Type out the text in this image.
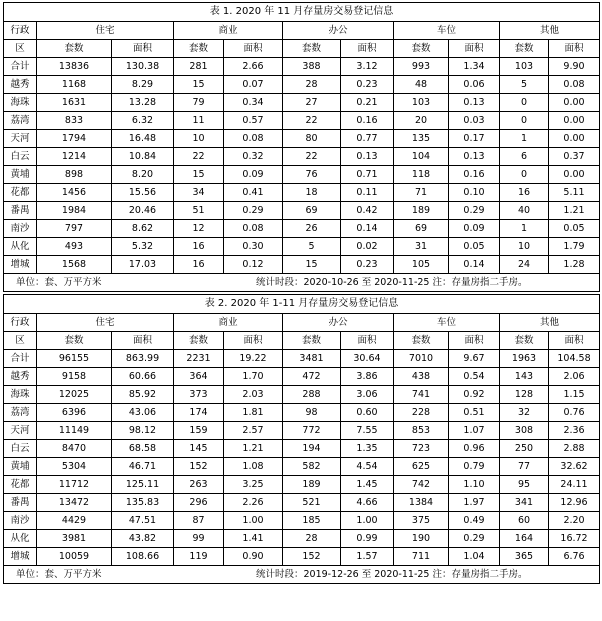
表 1. 2020 年 11 月存量房交易登记信息										
行政	住宅		商业		办公		车位		其他	
区	套数	面积	套数	面积	套数	面积	套数	面积	套数	面积
合计	13836	130.38	281	2.66	388	3.12	993	1.34	103	9.90
越秀	1168	8.29	15	0.07	28	0.23	48	0.06	5	0.08
海珠	1631	13.28	79	0.34	27	0.21	103	0.13	0	0.00
荔湾	833	6.32	11	0.57	22	0.16	20	0.03	0	0.00
天河	1794	16.48	10	0.08	80	0.77	135	0.17	1	0.00
白云	1214	10.84	22	0.32	22	0.13	104	0.13	6	0.37
黄埔	898	8.20	15	0.09	76	0.71	118	0.16	0	0.00
花都	1456	15.56	34	0.41	18	0.11	71	0.10	16	5.11
番禺	1984	20.46	51	0.29	69	0.42	189	0.29	40	1.21
南沙	797	8.62	12	0.08	26	0.14	69	0.09	1	0.05
从化	493	5.32	16	0.30	5	0.02	31	0.05	10	1.79
增城	1568	17.03	16	0.12	15	0.23	105	0.14	24	1.28
单位：套、万平方米 统计时段：2020-10-26 至 2020-11-25 注：存量房指二手房。										
表 2. 2020 年 1-11 月存量房交易登记信息										
行政	住宅		商业		办公		车位		其他	
区	套数	面积	套数	面积	套数	面积	套数	面积	套数	面积
合计	96155	863.99	2231	19.22	3481	30.64	7010	9.67	1963	104.58
越秀	9158	60.66	364	1.70	472	3.86	438	0.54	143	2.06
海珠	12025	85.92	373	2.03	288	3.06	741	0.92	128	1.15
荔湾	6396	43.06	174	1.81	98	0.60	228	0.51	32	0.76
天河	11149	98.12	159	2.57	772	7.55	853	1.07	308	2.36
白云	8470	68.58	145	1.21	194	1.35	723	0.96	250	2.88
黄埔	5304	46.71	152	1.08	582	4.54	625	0.79	77	32.62
花都	11712	125.11	263	3.25	189	1.45	742	1.10	95	24.11
番禺	13472	135.83	296	2.26	521	4.66	1384	1.97	341	12.96
南沙	4429	47.51	87	1.00	185	1.00	375	0.49	60	2.20
从化	3981	43.82	99	1.41	28	0.99	190	0.29	164	16.72
增城	10059	108.66	119	0.90	152	1.57	711	1.04	365	6.76
单位：套、万平方米 统计时段：2019-12-26 至 2020-11-25 注：存量房指二手房。										
